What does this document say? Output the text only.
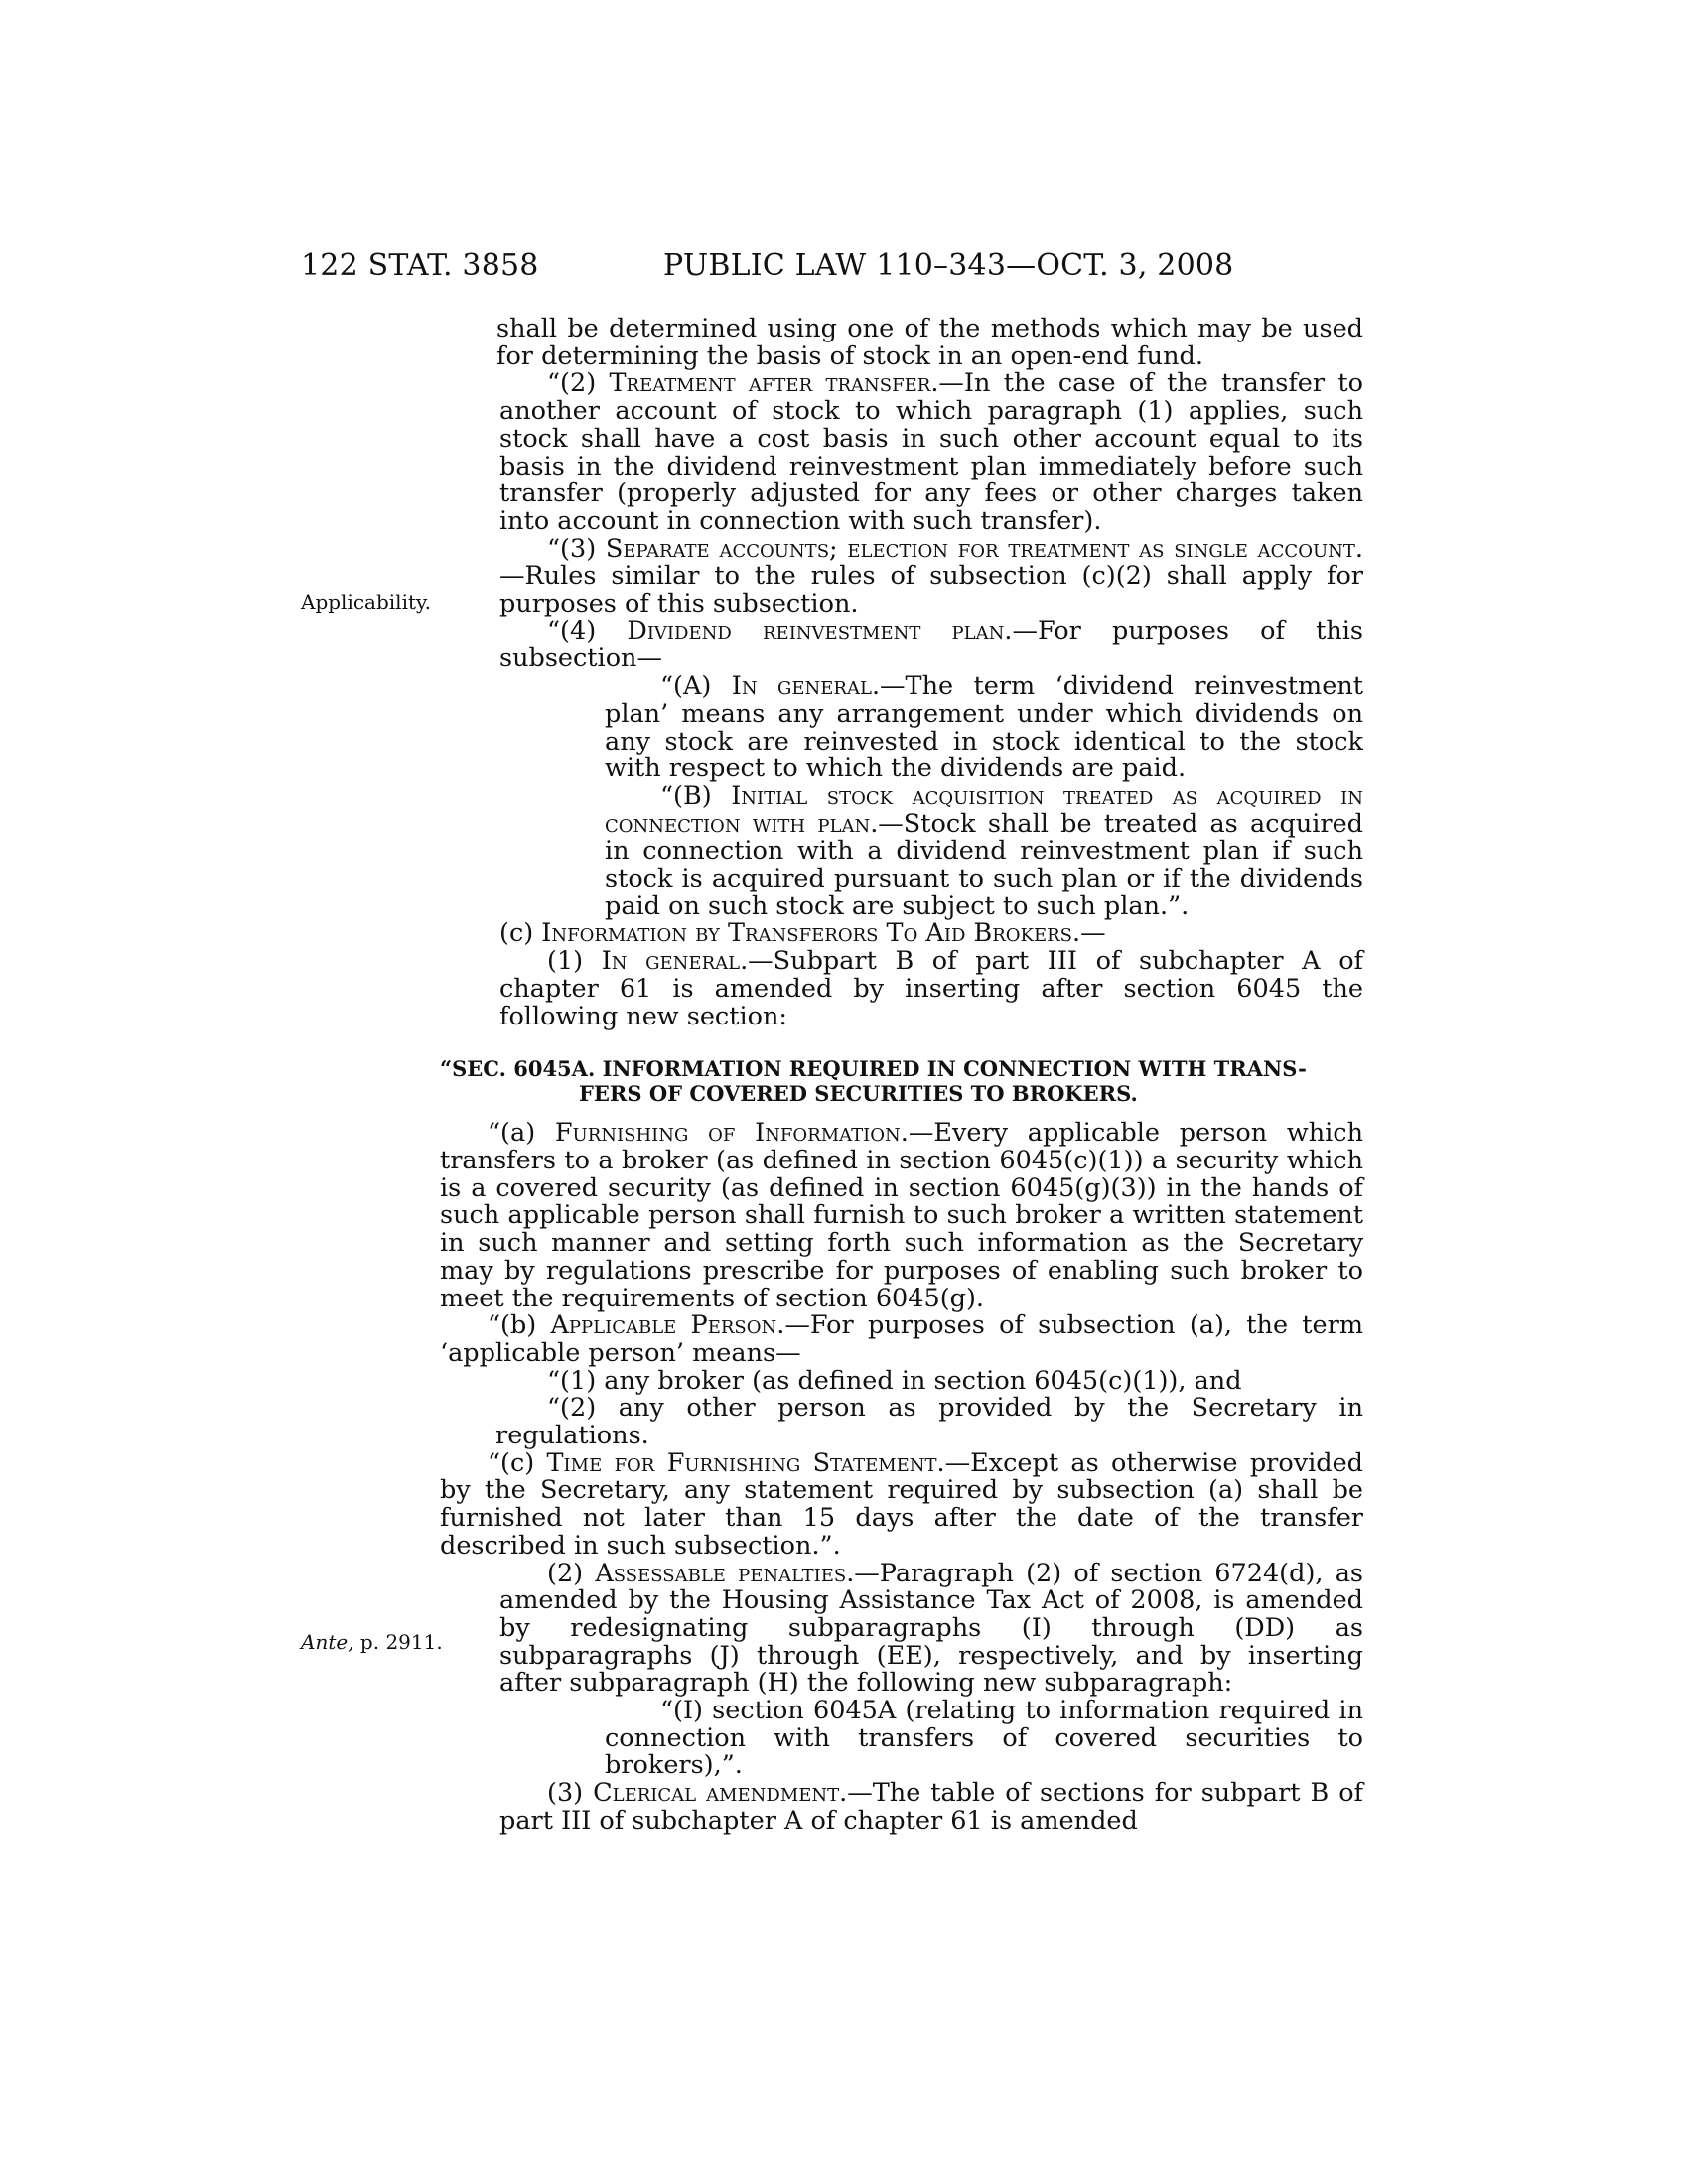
122 STAT. 3858	PUBLIC LAW 110–343—OCT. 3, 2008
Applicability.
Ante, p. 2911.

shall be determined using one of the methods which may be used for determining the basis of stock in an open-end fund.

“(2) Treatment after transfer.—In the case of the transfer to another account of stock to which paragraph (1) applies, such stock shall have a cost basis in such other account equal to its basis in the dividend reinvestment plan immediately before such transfer (properly adjusted for any fees or other charges taken into account in connection with such transfer).

“(3) Separate accounts; election for treatment as single account.—Rules similar to the rules of subsection (c)(2) shall apply for purposes of this subsection.

“(4) Dividend reinvestment plan.—For purposes of this subsection—

“(A) In general.—The term ‘dividend reinvestment plan’ means any arrangement under which dividends on any stock are reinvested in stock identical to the stock with respect to which the dividends are paid.

“(B) Initial stock acquisition treated as acquired in connection with plan.—Stock shall be treated as acquired in connection with a dividend reinvestment plan if such stock is acquired pursuant to such plan or if the dividends paid on such stock are subject to such plan.”.

(c) Information by Transferors To Aid Brokers.—

(1) In general.—Subpart B of part III of subchapter A of chapter 61 is amended by inserting after section 6045 the following new section:

“SEC. 6045A. INFORMATION REQUIRED IN CONNECTION WITH TRANS-
FERS OF COVERED SECURITIES TO BROKERS.

“(a) Furnishing of Information.—Every applicable person which transfers to a broker (as defined in section 6045(c)(1)) a security which is a covered security (as defined in section 6045(g)(3)) in the hands of such applicable person shall furnish to such broker a written statement in such manner and setting forth such information as the Secretary may by regulations prescribe for purposes of enabling such broker to meet the requirements of section 6045(g).

“(b) Applicable Person.—For purposes of subsection (a), the term ‘applicable person’ means—

“(1) any broker (as defined in section 6045(c)(1)), and

“(2) any other person as provided by the Secretary in regulations.

“(c) Time for Furnishing Statement.—Except as otherwise provided by the Secretary, any statement required by subsection (a) shall be furnished not later than 15 days after the date of the transfer described in such subsection.”.

(2) Assessable penalties.—Paragraph (2) of section 6724(d), as amended by the Housing Assistance Tax Act of 2008, is amended by redesignating subparagraphs (I) through (DD) as subparagraphs (J) through (EE), respectively, and by inserting after subparagraph (H) the following new subparagraph:

“(I) section 6045A (relating to information required in connection with transfers of covered securities to brokers),”.

(3) Clerical amendment.—The table of sections for subpart B of part III of subchapter A of chapter 61 is amended
